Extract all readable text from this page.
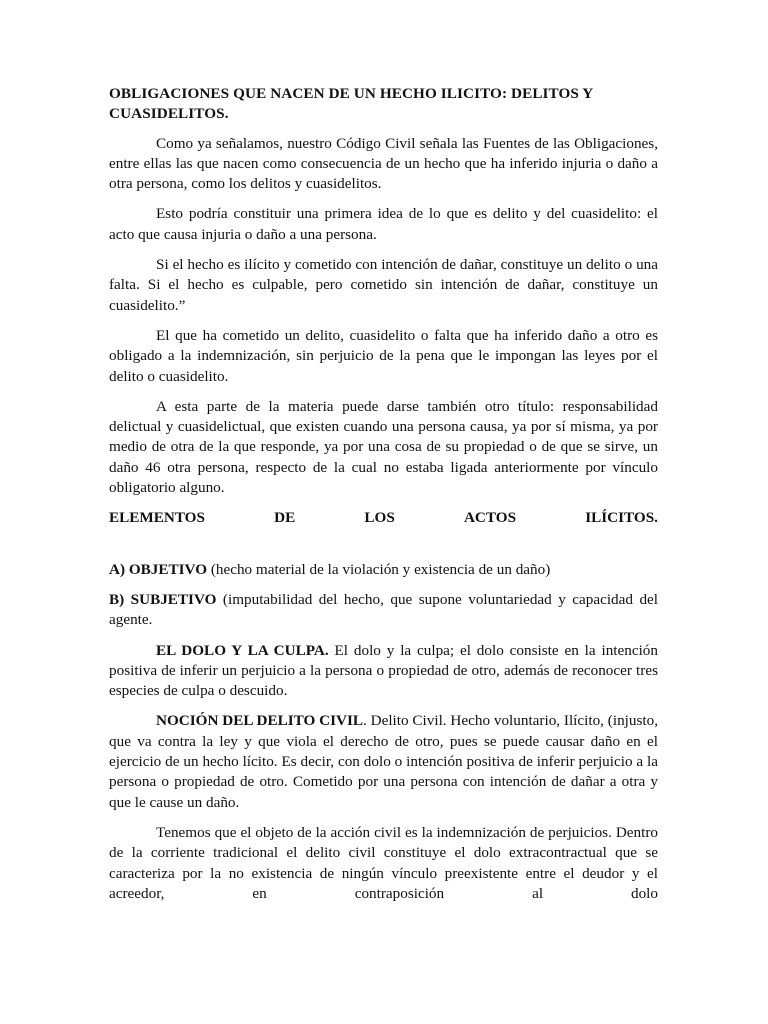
OBLIGACIONES QUE NACEN DE UN HECHO ILICITO: DELITOS Y CUASIDELITOS.

Como ya señalamos, nuestro Código Civil señala las Fuentes de las Obligaciones, entre ellas las que nacen como consecuencia de un hecho que ha inferido injuria o daño a otra persona, como los delitos y cuasidelitos.

Esto podría constituir una primera idea de lo que es delito y del cuasidelito: el acto que causa injuria o daño a una persona.

Si el hecho es ilícito y cometido con intención de dañar, constituye un delito o una falta. Si el hecho es culpable, pero cometido sin intención de dañar, constituye un cuasidelito.”

El que ha cometido un delito, cuasidelito o falta que ha inferido daño a otro es obligado a la indemnización, sin perjuicio de la pena que le impongan las leyes por el delito o cuasidelito.

A esta parte de la materia puede darse también otro título: responsabilidad delictual y cuasidelictual, que existen cuando una persona causa, ya por sí misma, ya por medio de otra de la que responde, ya por una cosa de su propiedad o de que se sirve, un daño 46 otra persona, respecto de la cual no estaba ligada anteriormente por vínculo obligatorio alguno.

ELEMENTOS	DE	LOS	ACTOS	ILÍCITOS.

A) OBJETIVO (hecho material de la violación y existencia de un daño)

B) SUBJETIVO (imputabilidad del hecho, que supone voluntariedad y capacidad del agente.

EL DOLO Y LA CULPA. El dolo y la culpa; el dolo consiste en la intención positiva de inferir un perjuicio a la persona o propiedad de otro, además de reconocer tres especies de culpa o descuido.

NOCIÓN DEL DELITO CIVIL. Delito Civil. Hecho voluntario, Ilícito, (injusto, que va contra la ley y que viola el derecho de otro, pues se puede causar daño en el ejercicio de un hecho lícito. Es decir, con dolo o intención positiva de inferir perjuicio a la persona o propiedad de otro. Cometido por una persona con intención de dañar a otra y que le cause un daño.

Tenemos que el objeto de la acción civil es la indemnización de perjuicios. Dentro de la corriente tradicional el delito civil constituye el dolo extracontractual que se caracteriza por la no existencia de ningún vínculo preexistente entre el deudor y el acreedor, en contraposición al dolo
